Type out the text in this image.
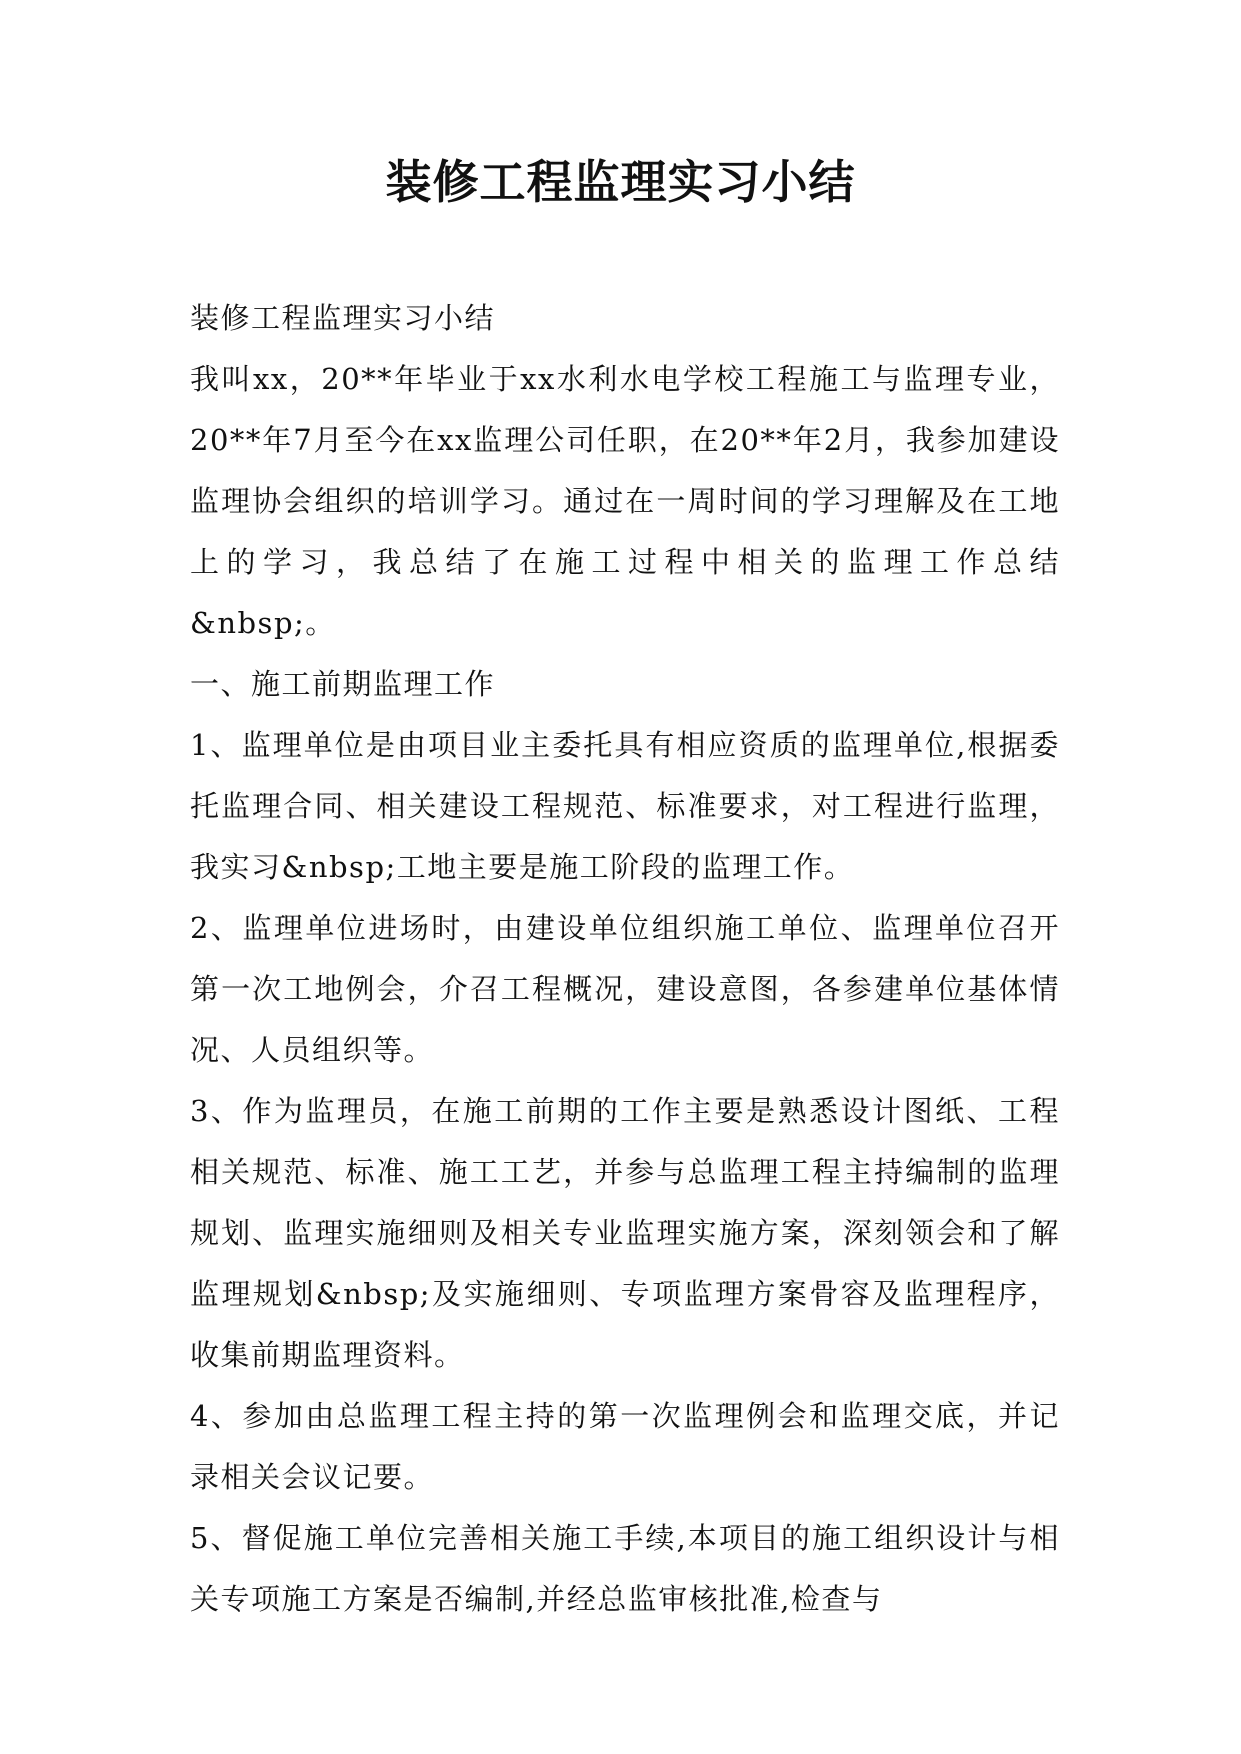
装修工程监理实习小结

装修工程监理实习小结

我叫xx，20**年毕业于xx水利水电学校工程施工与监理专业，20**年7月至今在xx监理公司任职，在20**年2月，我参加建设监理协会组织的培训学习。通过在一周时间的学习理解及在工地上的学习，我总结了在施工过程中相关的监理工作总结&nbsp;。

一、施工前期监理工作

1、监理单位是由项目业主委托具有相应资质的监理单位,根据委托监理合同、相关建设工程规范、标准要求，对工程进行监理，我实习&nbsp;工地主要是施工阶段的监理工作。

2、监理单位进场时，由建设单位组织施工单位、监理单位召开第一次工地例会，介召工程概况，建设意图，各参建单位基体情况、人员组织等。

3、作为监理员，在施工前期的工作主要是熟悉设计图纸、工程相关规范、标准、施工工艺，并参与总监理工程主持编制的监理规划、监理实施细则及相关专业监理实施方案，深刻领会和了解监理规划&nbsp;及实施细则、专项监理方案骨容及监理程序，收集前期监理资料。

4、参加由总监理工程主持的第一次监理例会和监理交底，并记录相关会议记要。

5、督促施工单位完善相关施工手续,本项目的施工组织设计与相关专项施工方案是否编制,并经总监审核批准,检查与
